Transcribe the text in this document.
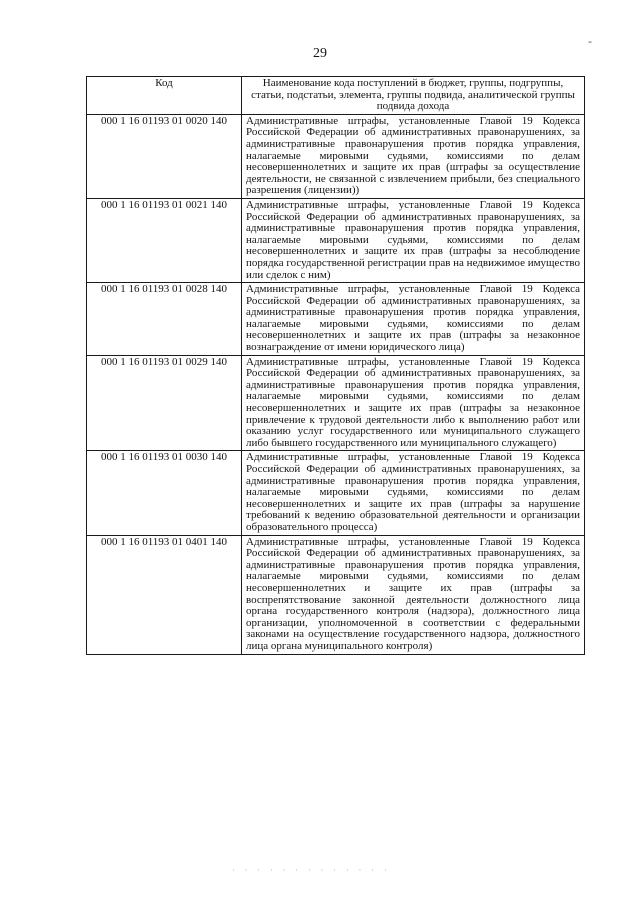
29
‐
Код	Наименование кода поступлений в бюджет, группы, подгруппы, статьи, подстатьи, элемента, группы подвида, аналитической группы подвида дохода
000 1 16 01193 01 0020 140	Административные штрафы, установленные Главой 19 Кодекса Российской Федерации об административных правонарушениях, за административные правонарушения против порядка управления, налагаемые мировыми судьями, комиссиями по делам несовершеннолетних и защите их прав (штрафы за осуществление деятельности, не связанной с извлечением прибыли, без специального разрешения (лицензии))
000 1 16 01193 01 0021 140	Административные штрафы, установленные Главой 19 Кодекса Российской Федерации об административных правонарушениях, за административные правонарушения против порядка управления, налагаемые мировыми судьями, комиссиями по делам несовершеннолетних и защите их прав (штрафы за несоблюдение порядка государственной регистрации прав на недвижимое имущество или сделок с ним)
000 1 16 01193 01 0028 140	Административные штрафы, установленные Главой 19 Кодекса Российской Федерации об административных правонарушениях, за административные правонарушения против порядка управления, налагаемые мировыми судьями, комиссиями по делам несовершеннолетних и защите их прав (штрафы за незаконное вознаграждение от имени юридического лица)
000 1 16 01193 01 0029 140	Административные штрафы, установленные Главой 19 Кодекса Российской Федерации об административных правонарушениях, за административные правонарушения против порядка управления, налагаемые мировыми судьями, комиссиями по делам несовершеннолетних и защите их прав (штрафы за незаконное привлечение к трудовой деятельности либо к выполнению работ или оказанию услуг государственного или муниципального служащего либо бывшего государственного или муниципального служащего)
000 1 16 01193 01 0030 140	Административные штрафы, установленные Главой 19 Кодекса Российской Федерации об административных правонарушениях, за административные правонарушения против порядка управления, налагаемые мировыми судьями, комиссиями по делам несовершеннолетних и защите их прав (штрафы за нарушение требований к ведению образовательной деятельности и организации образовательного процесса)
000 1 16 01193 01 0401 140	Административные штрафы, установленные Главой 19 Кодекса Российской Федерации об административных правонарушениях, за административные правонарушения против порядка управления, налагаемые мировыми судьями, комиссиями по делам несовершеннолетних и защите их прав (штрафы за воспрепятствование законной деятельности должностного лица органа государственного контроля (надзора), должностного лица организации, уполномоченной в соответствии с федеральными законами на осуществление государственного надзора, должностного лица органа муниципального контроля)
· · · · · · · · · · · · ·
